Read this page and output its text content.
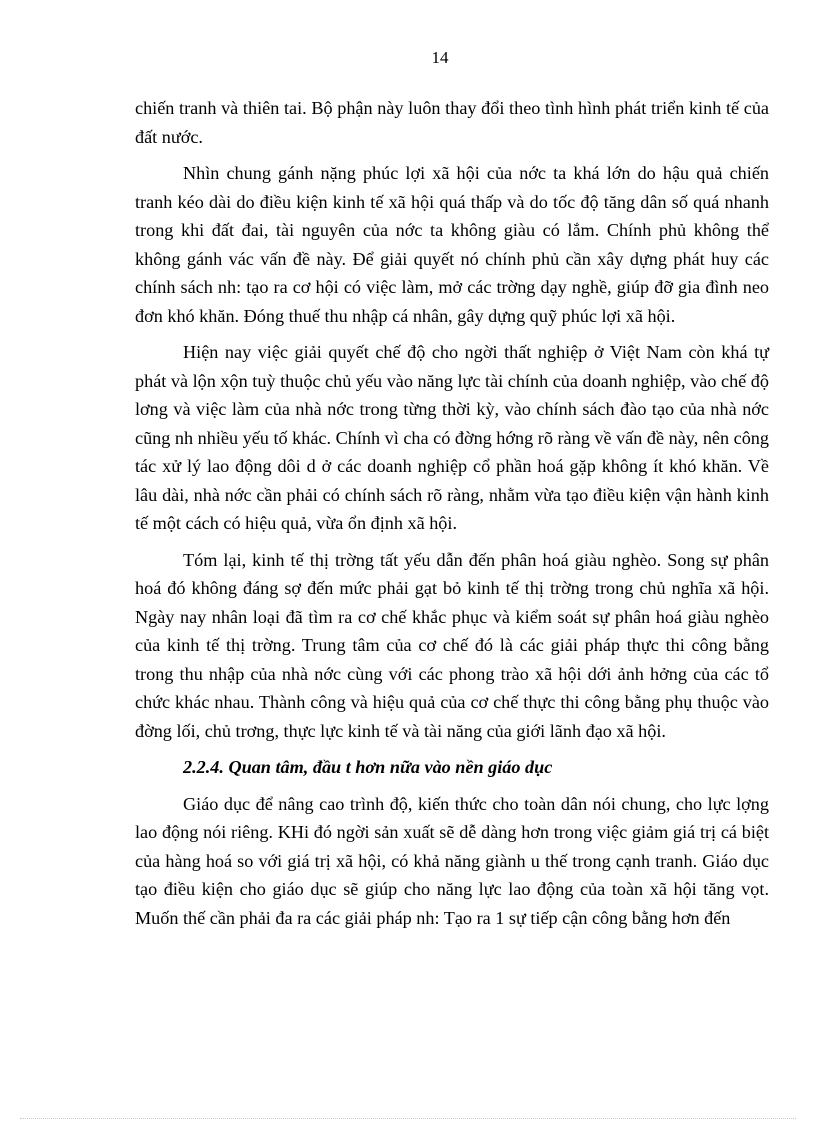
14

chiến tranh và thiên tai. Bộ phận này luôn thay đổi theo tình hình phát triển kinh tế của đất nước.

Nhìn chung gánh nặng phúc lợi xã hội của nớc ta khá lớn do hậu quả chiến tranh kéo dài do điều kiện kinh tế xã hội quá thấp và do tốc độ tăng dân số quá nhanh trong khi đất đai, tài nguyên của nớc ta không giàu có lắm. Chính phủ không thể không gánh vác vấn đề này. Để giải quyết nó chính phủ cần xây dựng phát huy các chính sách nh: tạo ra cơ hội có việc làm, mở các trờng dạy nghề, giúp đỡ gia đình neo đơn khó khăn. Đóng thuế thu nhập cá nhân, gây dựng quỹ phúc lợi xã hội.

Hiện nay việc giải quyết chế độ cho ngời thất nghiệp ở Việt Nam còn khá tự phát và lộn xộn tuỳ thuộc chủ yếu vào năng lực tài chính của doanh nghiệp, vào chế độ lơng và việc làm của nhà nớc trong từng thời kỳ, vào chính sách đào tạo của nhà nớc cũng nh nhiều yếu tố khác. Chính vì cha có đờng hớng rõ ràng về vấn đề này, nên công tác xử lý lao động dôi d ở các doanh nghiệp cổ phần hoá gặp không ít khó khăn. Về lâu dài, nhà nớc cần phải có chính sách rõ ràng, nhằm vừa tạo điều kiện vận hành kinh tế một cách có hiệu quả, vừa ổn định xã hội.

Tóm lại, kinh tế thị trờng tất yếu dẫn đến phân hoá giàu nghèo. Song sự phân hoá đó không đáng sợ đến mức phải gạt bỏ kinh tế thị trờng trong chủ nghĩa xã hội. Ngày nay nhân loại đã tìm ra cơ chế khắc phục và kiểm soát sự phân hoá giàu nghèo của kinh tế thị trờng. Trung tâm của cơ chế đó là các giải pháp thực thi công bằng trong thu nhập của nhà nớc cùng với các phong trào xã hội dới ảnh hởng của các tổ chức khác nhau. Thành công và hiệu quả của cơ chế thực thi công bằng phụ thuộc vào đờng lối, chủ trơng, thực lực kinh tế và tài năng của giới lãnh đạo xã hội.

2.2.4. Quan tâm, đầu t hơn nữa vào nền giáo dục

Giáo dục để nâng cao trình độ, kiến thức cho toàn dân nói chung, cho lực lợng lao động nói riêng. KHi đó ngời sản xuất sẽ dễ dàng hơn trong việc giảm giá trị cá biệt của hàng hoá so với giá trị xã hội, có khả năng giành u thế trong cạnh tranh. Giáo dục tạo điều kiện cho giáo dục sẽ giúp cho năng lực lao động của toàn xã hội tăng vọt. Muốn thế cần phải đa ra các giải pháp nh: Tạo ra 1 sự tiếp cận công bằng hơn đến
